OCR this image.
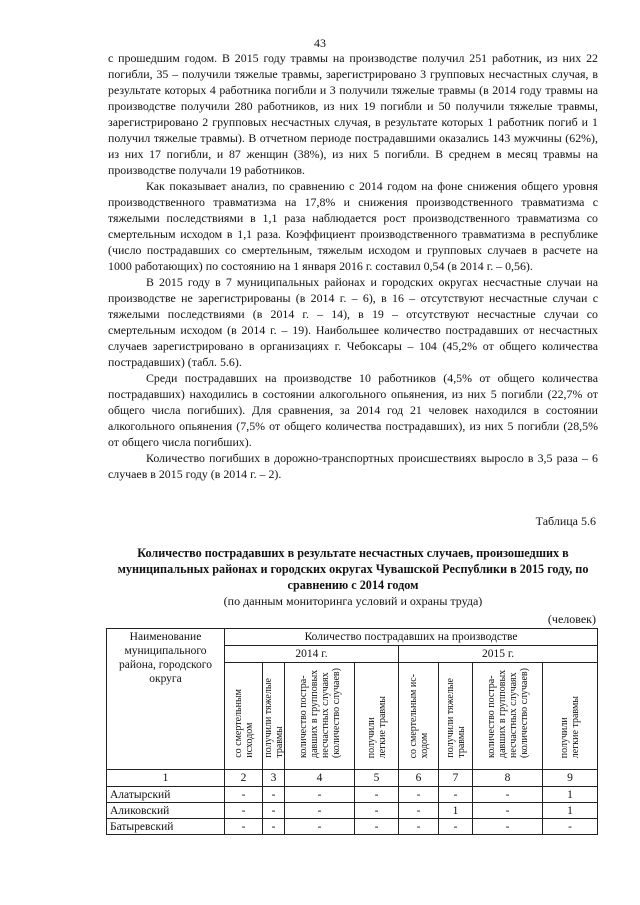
43

с прошедшим годом. В 2015 году травмы на производстве получил 251 работник, из них 22 погибли, 35 – получили тяжелые травмы, зарегистрировано 3 групповых несчастных случая, в результате которых 4 работника погибли и 3 получили тяжелые травмы (в 2014 году травмы на производстве получили 280 работников, из них 19 погибли и 50 получили тяжелые травмы, зарегистрировано 2 групповых несчастных случая, в результате которых 1 работник погиб и 1 получил тяжелые травмы). В отчетном периоде пострадавшими оказались 143 мужчины (62%), из них 17 погибли, и 87 женщин (38%), из них 5 погибли. В среднем в месяц травмы на производстве получали 19 работников.

Как показывает анализ, по сравнению с 2014 годом на фоне снижения общего уровня производственного травматизма на 17,8% и снижения производственного травматизма с тяжелыми последствиями в 1,1 раза наблюдается рост производственного травматизма со смертельным исходом в 1,1 раза. Коэффициент производственного травматизма в республике (число пострадавших со смертельным, тяжелым исходом и групповых случаев в расчете на 1000 работающих) по состоянию на 1 января 2016 г. составил 0,54 (в 2014 г. – 0,56).

В 2015 году в 7 муниципальных районах и городских округах несчастные случаи на производстве не зарегистрированы (в 2014 г. – 6), в 16 – отсутствуют несчастные случаи с тяжелыми последствиями (в 2014 г. – 14), в 19 – отсутствуют несчастные случаи со смертельным исходом (в 2014 г. – 19). Наибольшее количество пострадавших от несчастных случаев зарегистрировано в организациях г. Чебоксары – 104 (45,2% от общего количества пострадавших) (табл. 5.6).

Среди пострадавших на производстве 10 работников (4,5% от общего количества пострадавших) находились в состоянии алкогольного опьянения, из них 5 погибли (22,7% от общего числа погибших). Для сравнения, за 2014 год 21 человек находился в состоянии алкогольного опьянения (7,5% от общего количества пострадавших), из них 5 погибли (28,5% от общего числа погибших).

Количество погибших в дорожно-транспортных происшествиях выросло в 3,5 раза – 6 случаев в 2015 году (в 2014 г. – 2).

Таблица 5.6
Количество пострадавших в результате несчастных случаев, произошедших в муниципальных районах и городских округах Чувашской Республики в 2015 году, по сравнению с 2014 годом
(по данным мониторинга условий и охраны труда)
(человек)
Наименование муниципального района, городского округа	Количество пострадавших на производстве							
	2014 г.				2015 г.			
	со смертельным
исходом	получили тяжелые
травмы	количество постра-
давших в групповых
несчастных случаях
(количество случаев)	получили
легкие травмы	со смертельным ис-
ходом	получили тяжелые
травмы	количество постра-
давших в групповых
несчастных случаях
(количество случаев)	получили
легкие травмы
1	2	3	4	5	6	7	8	9
Алатырский	-	-	-	-	-	-	-	1
Аликовский	-	-	-	-	-	1	-	1
Батыревский	-	-	-	-	-	-	-	-
